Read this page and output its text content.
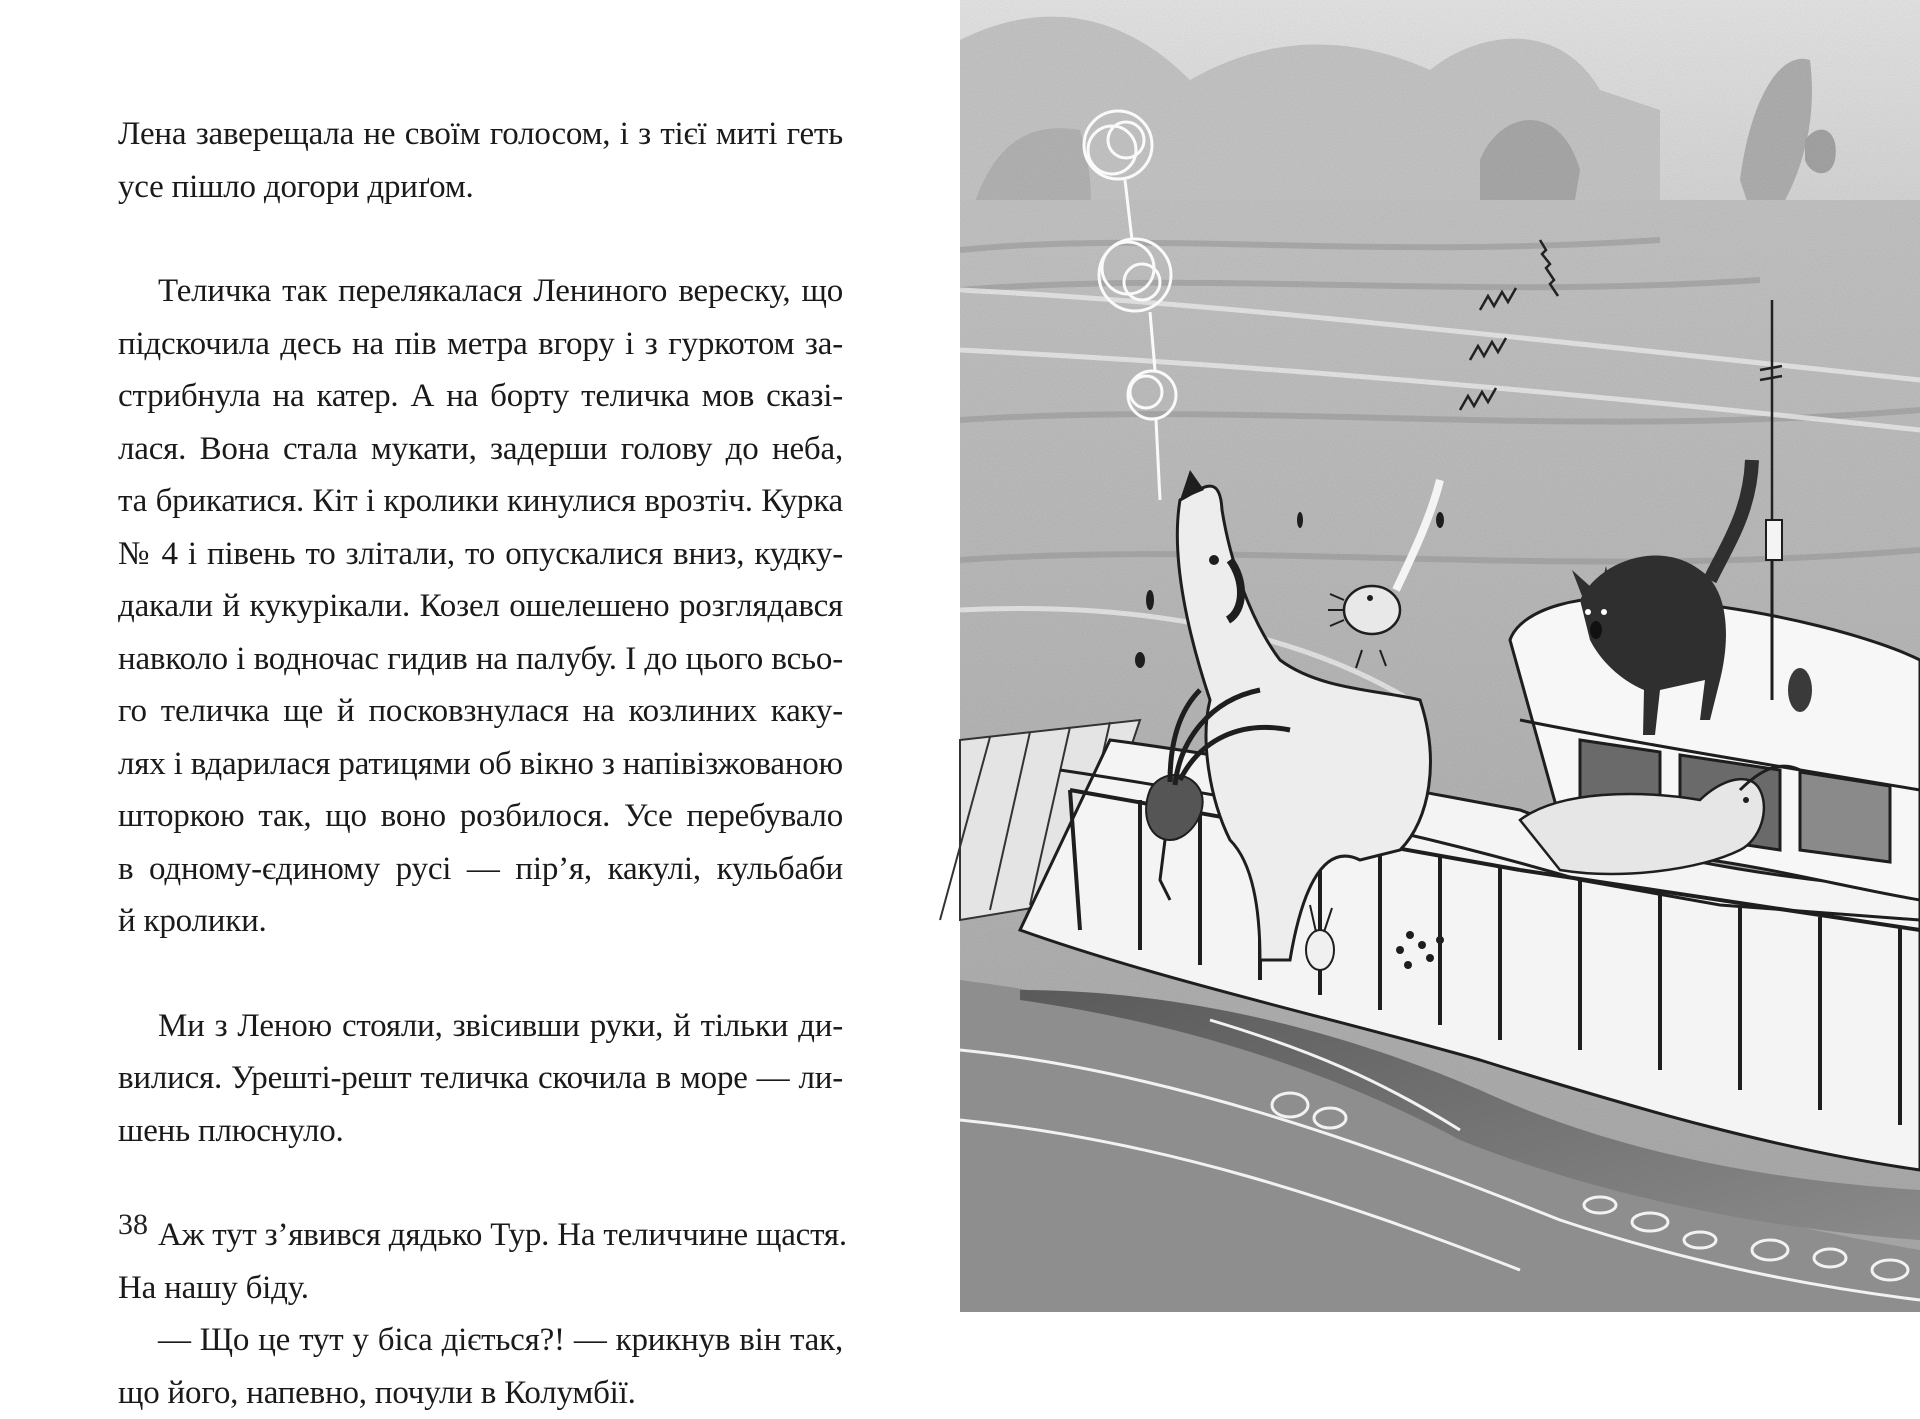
Лена заверещала не своїм голосом, і з тієї миті геть
усе пішло догори дриґом.

Теличка так перелякалася Лениного вереску, що
підскочила десь на пів метра вгору і з гуркотом за-
стрибнула на катер. А на борту теличка мов сказі-
лася. Вона стала мукати, задерши голову до неба,
та брикатися. Кіт і кролики кинулися врозтіч. Курка
№ 4 і півень то злітали, то опускалися вниз, кудку-
дакали й кукурікали. Козел ошелешено розглядався
навколо і водночас гидив на палубу. І до цього всьо-
го теличка ще й посковзнулася на козлиних каку-
лях і вдарилася ратицями об вікно з напівізжованою
шторкою так, що воно розбилося. Усе перебувало
в одному-єдиному русі — пір’я, какулі, кульбаби
й кролики.

Ми з Леною стояли, звісивши руки, й тільки ди-
вилися. Урешті-решт теличка скочила в море — ли-
шень плюснуло.

Аж тут з’явився дядько Тур. На теличчине щастя.
На нашу біду.

— Що це тут у біса діється?! — крикнув він так,
що його, напевно, почули в Колумбії.

38
